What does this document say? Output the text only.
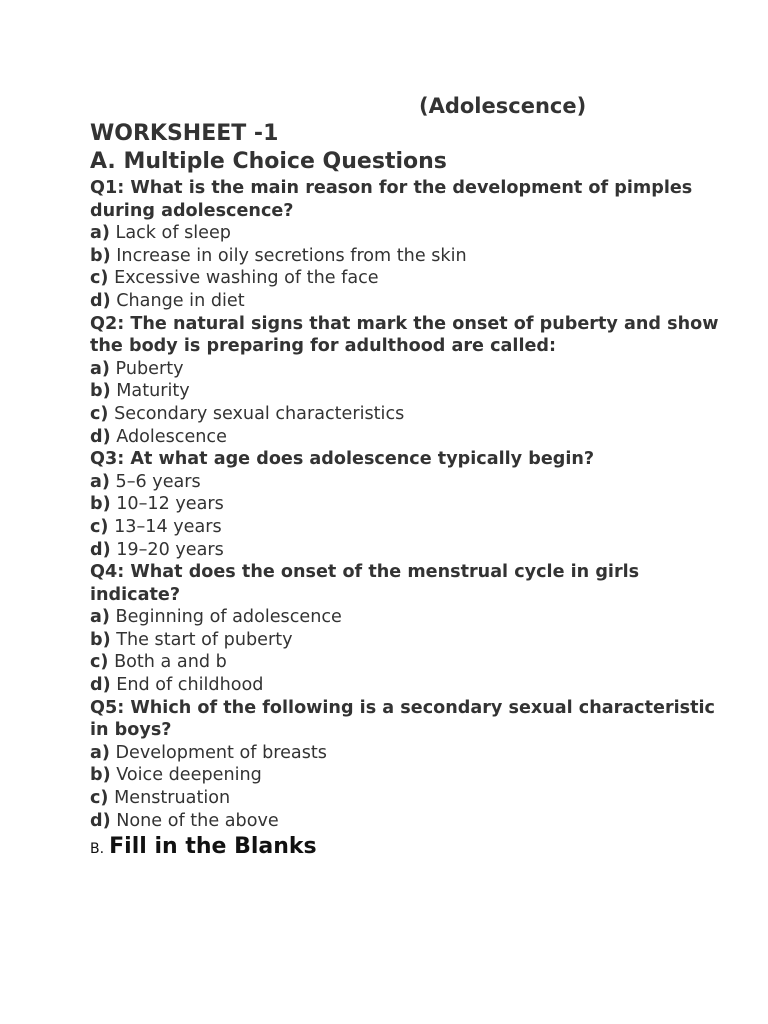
(Adolescence)
WORKSHEET -1
A. Multiple Choice Questions
Q1: What is the main reason for the development of pimples during adolescence?
a) Lack of sleep
b) Increase in oily secretions from the skin
c) Excessive washing of the face
d) Change in diet
Q2: The natural signs that mark the onset of puberty and show the body is preparing for adulthood are called:
a) Puberty
b) Maturity
c) Secondary sexual characteristics
d) Adolescence
Q3: At what age does adolescence typically begin?
a) 5–6 years
b) 10–12 years
c) 13–14 years
d) 19–20 years
Q4: What does the onset of the menstrual cycle in girls indicate?
a) Beginning of adolescence
b) The start of puberty
c) Both a and b
d) End of childhood
Q5: Which of the following is a secondary sexual characteristic in boys?
a) Development of breasts
b) Voice deepening
c) Menstruation
d) None of the above
B. Fill in the Blanks
